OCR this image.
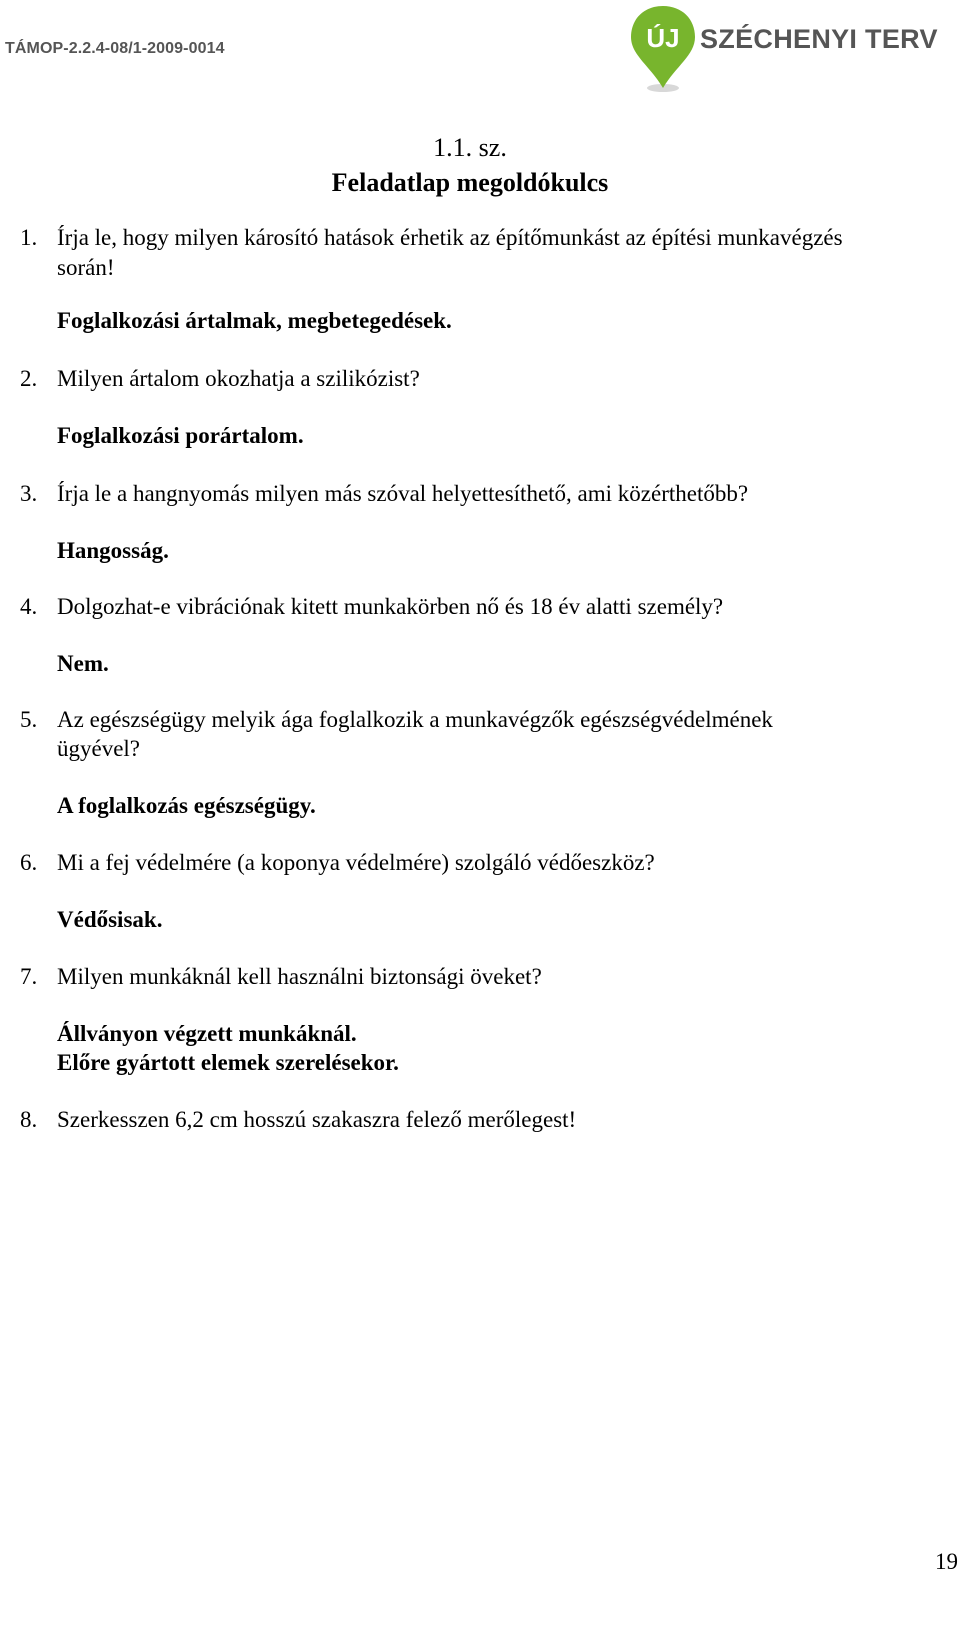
TÁMOP-2.2.4-08/1-2009-0014	ÚJ SZÉCHENYI TERV
1.1. sz.
Feladatlap megoldókulcs
1. Írja le, hogy milyen károsító hatások érhetik az építőmunkást az építési munkavégzés
során!
Foglalkozási ártalmak, megbetegedések.
2. Milyen ártalom okozhatja a szilikózist?
Foglalkozási porártalom.
3. Írja le a hangnyomás milyen más szóval helyettesíthető, ami közérthetőbb?
Hangosság.
4. Dolgozhat-e vibrációnak kitett munkakörben nő és 18 év alatti személy?
Nem.
5. Az egészségügy melyik ága foglalkozik a munkavégzők egészségvédelmének
ügyével?
A foglalkozás egészségügy.
6. Mi a fej védelmére (a koponya védelmére) szolgáló védőeszköz?
Védősisak.
7. Milyen munkáknál kell használni biztonsági öveket?
Állványon végzett munkáknál.
Előre gyártott elemek szerelésekor.
8. Szerkesszen 6,2 cm hosszú szakaszra felező merőlegest!
19
